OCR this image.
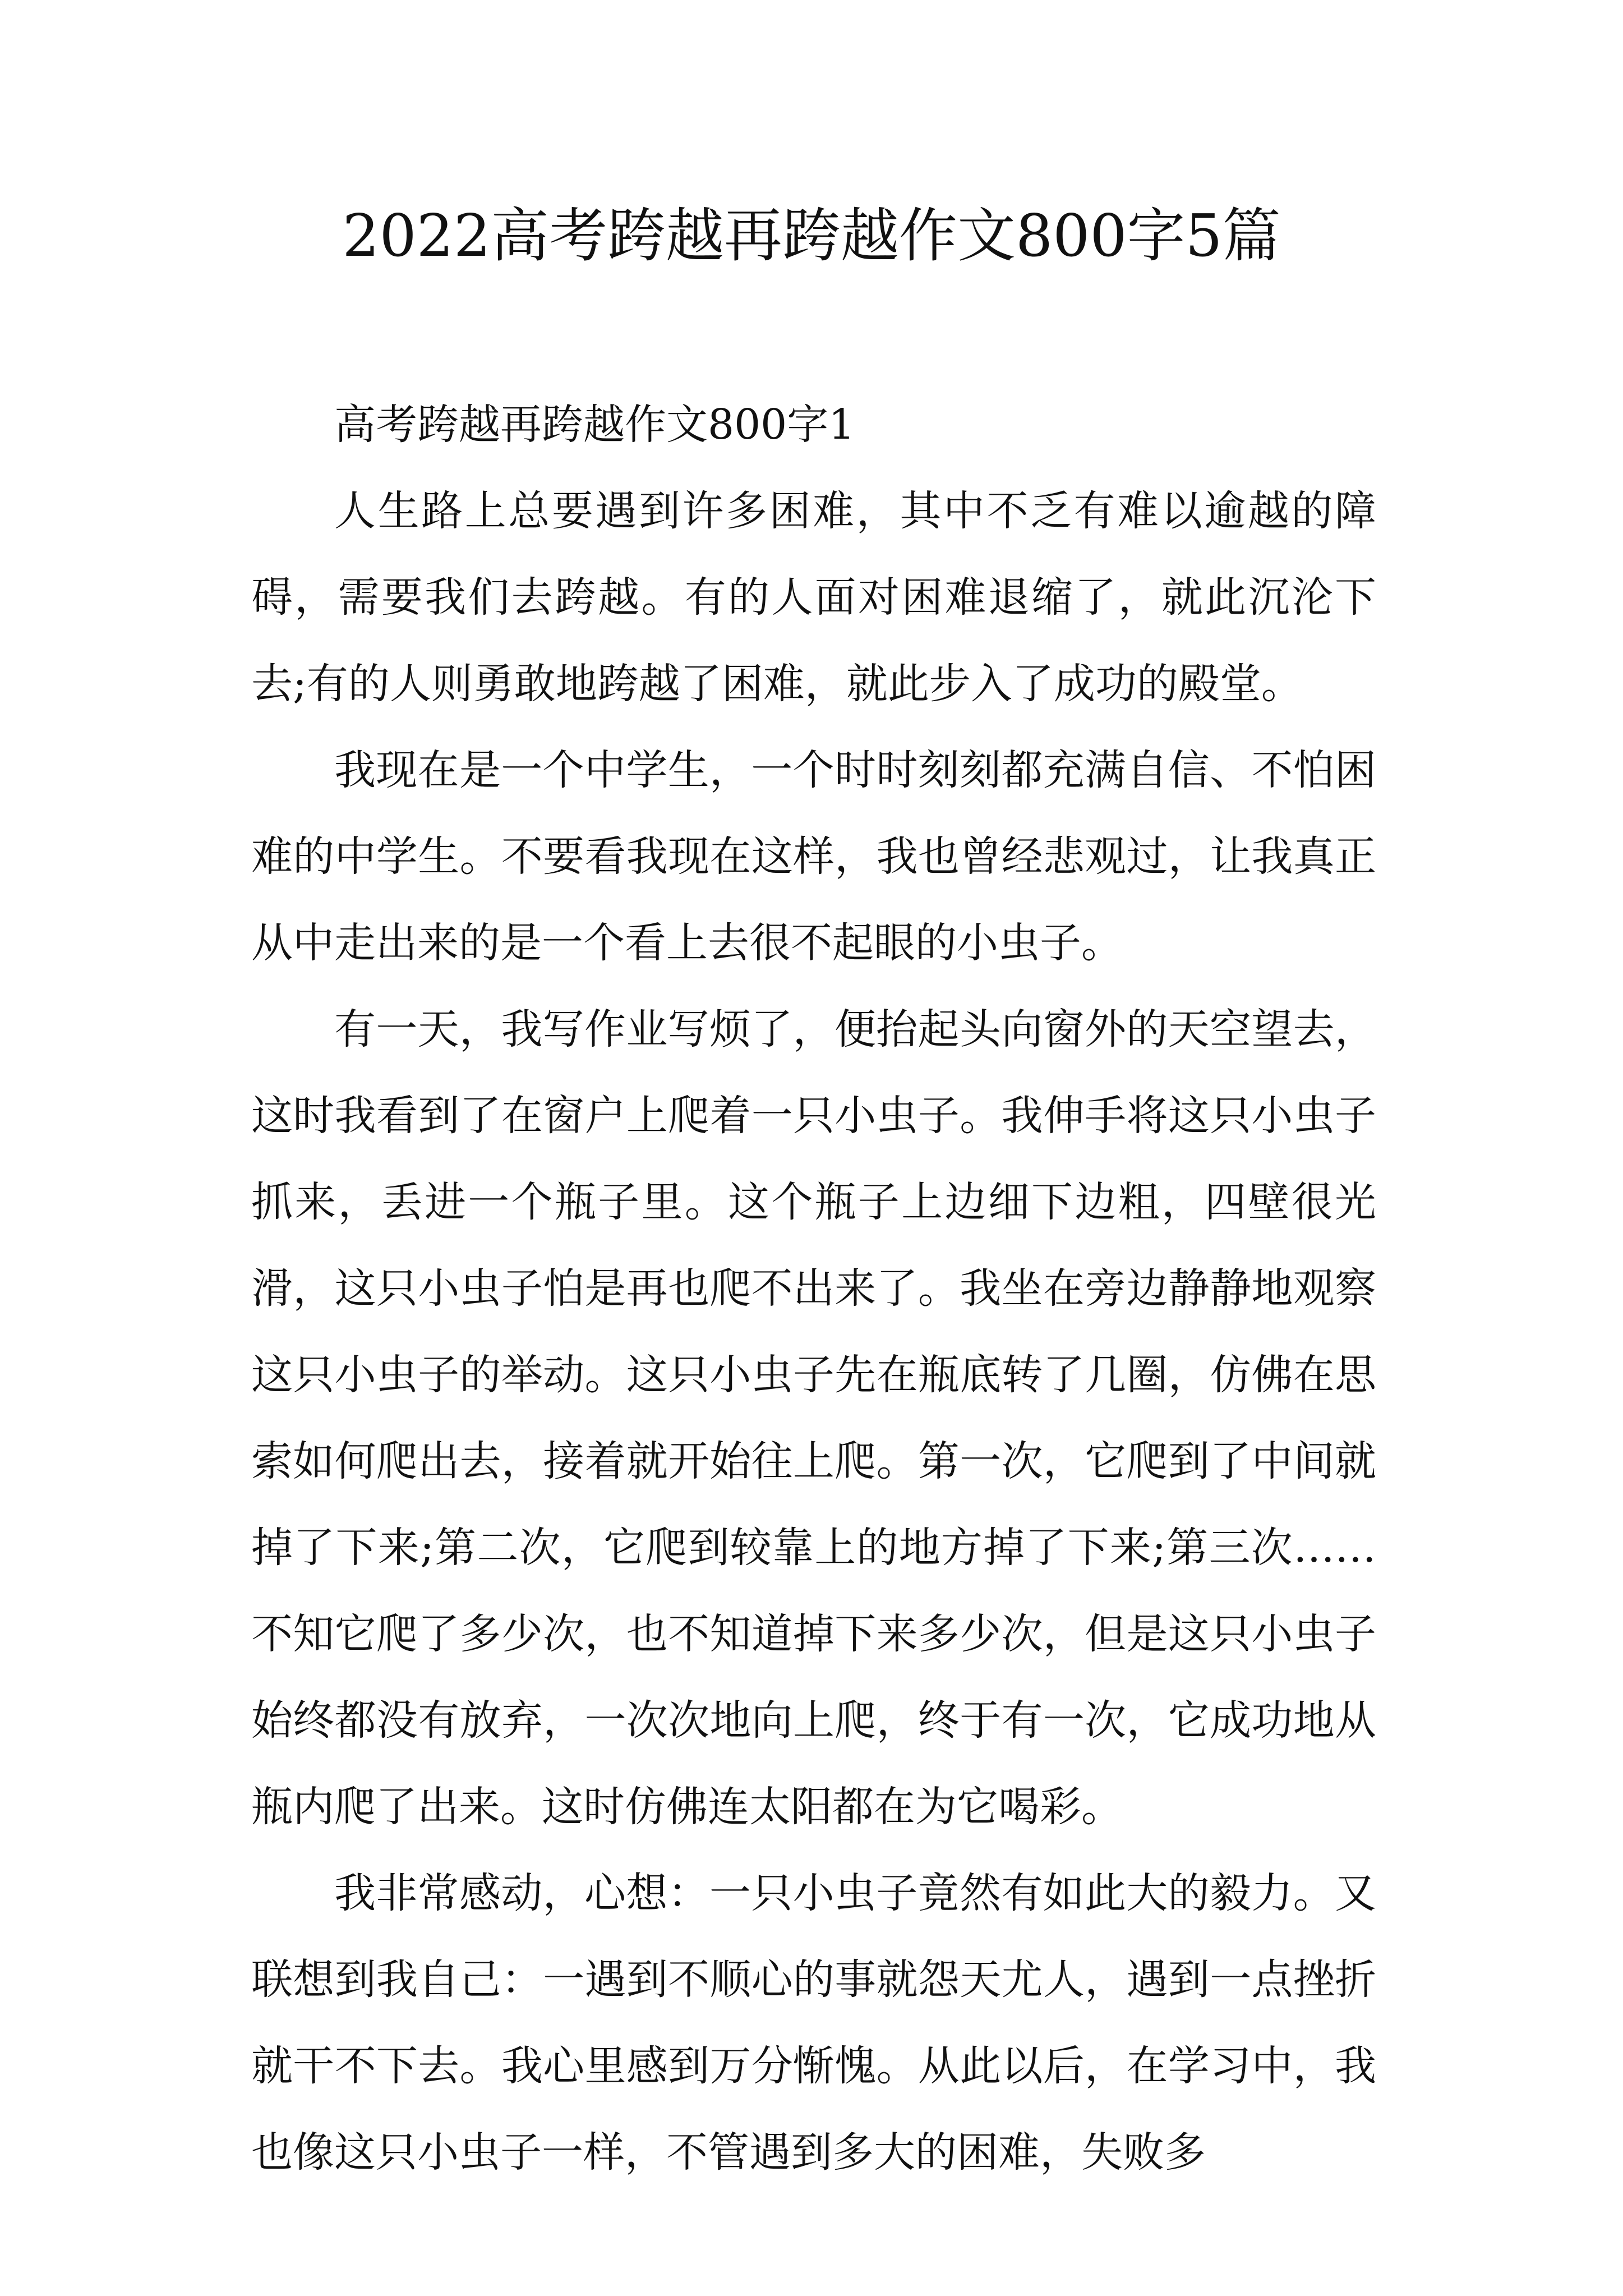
2022高考跨越再跨越作文800字5篇

高考跨越再跨越作文800字1

人生路上总要遇到许多困难，其中不乏有难以逾越的障碍，需要我们去跨越。有的人面对困难退缩了，就此沉沦下去;有的人则勇敢地跨越了困难，就此步入了成功的殿堂。

我现在是一个中学生，一个时时刻刻都充满自信、不怕困难的中学生。不要看我现在这样，我也曾经悲观过，让我真正从中走出来的是一个看上去很不起眼的小虫子。

有一天，我写作业写烦了，便抬起头向窗外的天空望去，这时我看到了在窗户上爬着一只小虫子。我伸手将这只小虫子抓来，丢进一个瓶子里。这个瓶子上边细下边粗，四壁很光滑，这只小虫子怕是再也爬不出来了。我坐在旁边静静地观察这只小虫子的举动。这只小虫子先在瓶底转了几圈，仿佛在思索如何爬出去，接着就开始往上爬。第一次，它爬到了中间就掉了下来;第二次，它爬到较靠上的地方掉了下来;第三次……不知它爬了多少次，也不知道掉下来多少次，但是这只小虫子始终都没有放弃，一次次地向上爬，终于有一次，它成功地从瓶内爬了出来。这时仿佛连太阳都在为它喝彩。

我非常感动，心想：一只小虫子竟然有如此大的毅力。又联想到我自己：一遇到不顺心的事就怨天尤人，遇到一点挫折就干不下去。我心里感到万分惭愧。从此以后，在学习中，我也像这只小虫子一样，不管遇到多大的困难，失败多
